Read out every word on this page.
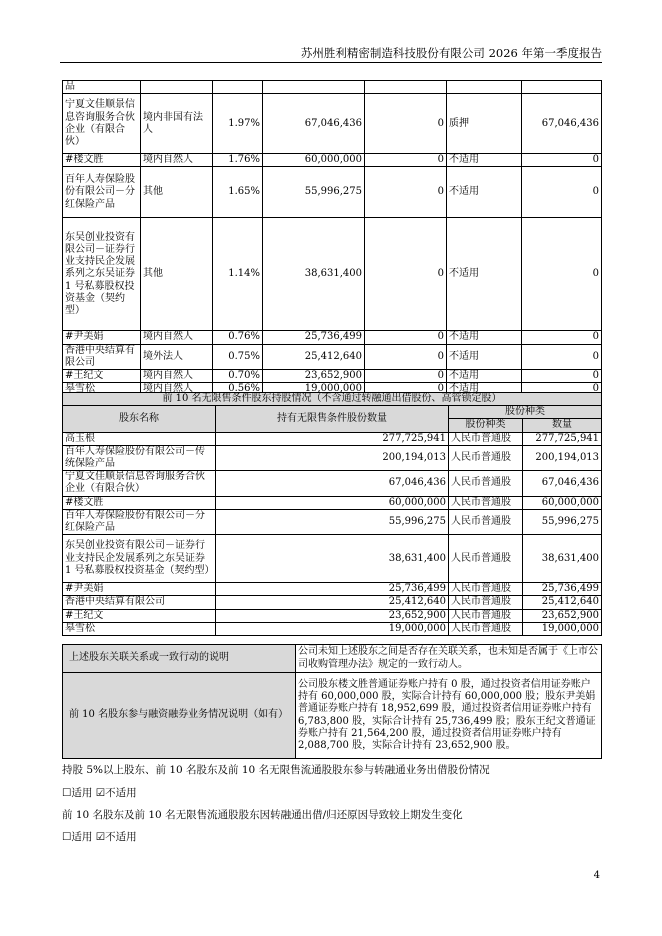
苏州胜利精密制造科技股份有限公司 2026 年第一季度报告
品						
宁夏文佳顺景信息咨询服务合伙企业（有限合伙）	境内非国有法人	1.97%	67,046,436	0	质押	67,046,436
#楼文胜	境内自然人	1.76%	60,000,000	0	不适用	0
百年人寿保险股份有限公司－分红保险产品	其他	1.65%	55,996,275	0	不适用	0
东吴创业投资有限公司－证券行业支持民企发展系列之东吴证券 1 号私募股权投资基金（契约型）	其他	1.14%	38,631,400	0	不适用	0
#尹美娟	境内自然人	0.76%	25,736,499	0	不适用	0
香港中央结算有限公司	境外法人	0.75%	25,412,640	0	不适用	0
#王纪文	境内自然人	0.70%	23,652,900	0	不适用	0
皋雪松	境内自然人	0.56%	19,000,000	0	不适用	0
前 10 名无限售条件股东持股情况（不含通过转融通出借股份、高管锁定股）			
股东名称	持有无限售条件股份数量	股份种类	
		股份种类	数量
高玉根	277,725,941	人民币普通股	277,725,941
百年人寿保险股份有限公司－传统保险产品	200,194,013	人民币普通股	200,194,013
宁夏文佳顺景信息咨询服务合伙企业（有限合伙）	67,046,436	人民币普通股	67,046,436
#楼文胜	60,000,000	人民币普通股	60,000,000
百年人寿保险股份有限公司－分红保险产品	55,996,275	人民币普通股	55,996,275
东吴创业投资有限公司－证券行业支持民企发展系列之东吴证券 1 号私募股权投资基金（契约型）	38,631,400	人民币普通股	38,631,400
#尹美娟	25,736,499	人民币普通股	25,736,499
香港中央结算有限公司	25,412,640	人民币普通股	25,412,640
#王纪文	23,652,900	人民币普通股	23,652,900
皋雪松	19,000,000	人民币普通股	19,000,000
上述股东关联关系或一致行动的说明	公司未知上述股东之间是否存在关联关系，也未知是否属于《上市公司收购管理办法》规定的一致行动人。
前 10 名股东参与融资融券业务情况说明（如有）	公司股东楼文胜普通证券账户持有 0 股，通过投资者信用证券账户持有 60,000,000 股，实际合计持有 60,000,000 股；股东尹美娟普通证券账户持有 18,952,699 股，通过投资者信用证券账户持有 6,783,800 股，实际合计持有 25,736,499 股；股东王纪文普通证券账户持有 21,564,200 股，通过投资者信用证券账户持有 2,088,700 股，实际合计持有 23,652,900 股。
持股 5%以上股东、前 10 名股东及前 10 名无限售流通股股东参与转融通业务出借股份情况
☐适用 ☑不适用
前 10 名股东及前 10 名无限售流通股股东因转融通出借/归还原因导致较上期发生变化
☐适用 ☑不适用
4
